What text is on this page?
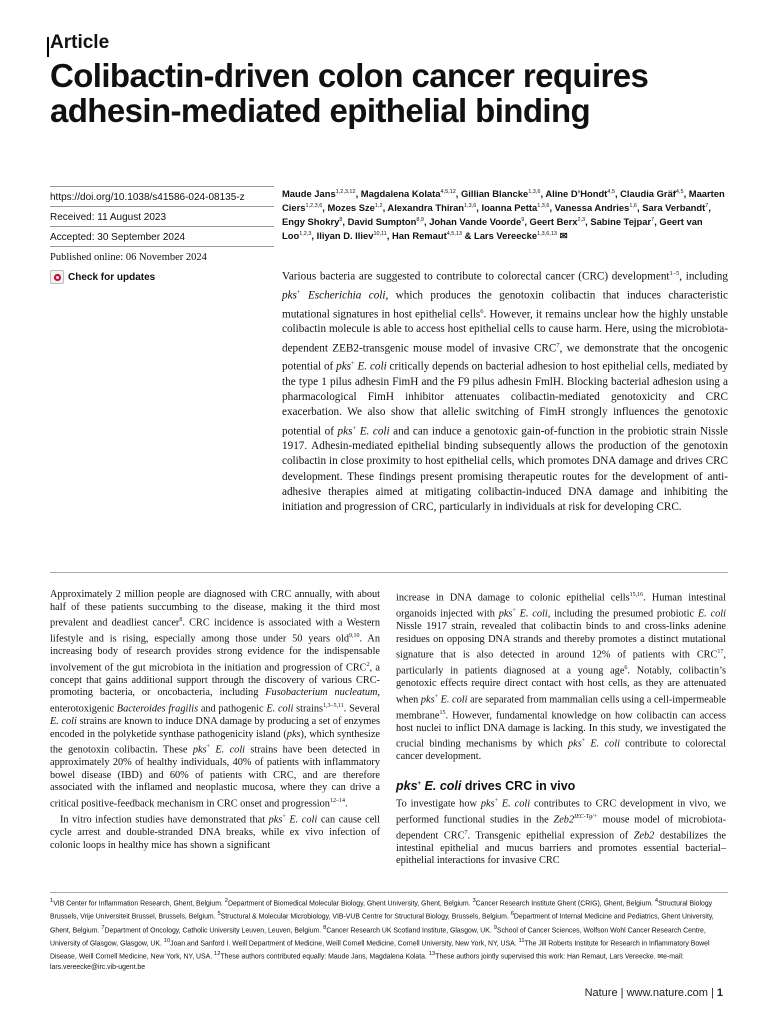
Article
Colibactin-driven colon cancer requires adhesin-mediated epithelial binding
https://doi.org/10.1038/s41586-024-08135-z
Received: 11 August 2023
Accepted: 30 September 2024
Published online: 06 November 2024
Check for updates
Maude Jans$^{1,2,3,12}$, Magdalena Kolata$^{4,5,12}$, Gillian Blancke$^{1,3,6}$, Aline D’Hondt$^{4,5}$, Claudia Gräf$^{4,5}$, Maarten Ciers$^{1,2,3,6}$, Mozes Sze$^{1,2}$, Alexandra Thiran$^{1,3,6}$, Ioanna Petta$^{1,3,6}$, Vanessa Andries$^{1,6}$, Sara Verbandt$^7$, Engy Shokry$^8$, David Sumpton$^{8,9}$, Johan Vande Voorde$^9$, Geert Berx$^{2,3}$, Sabine Tejpar$^7$, Geert van Loo$^{1,2,3}$, Iliyan D. Iliev$^{10,11}$, Han Remaut$^{4,5,13}$ & Lars Vereecke$^{1,3,6,13}$ ✉
Various bacteria are suggested to contribute to colorectal cancer (CRC) development$^{1-5}$, including pks+ Escherichia coli, which produces the genotoxin colibactin that induces characteristic mutational signatures in host epithelial cells$^6$. However, it remains unclear how the highly unstable colibactin molecule is able to access host epithelial cells to cause harm. Here, using the microbiota-dependent ZEB2-transgenic mouse model of invasive CRC$^7$, we demonstrate that the oncogenic potential of pks+ E. coli critically depends on bacterial adhesion to host epithelial cells, mediated by the type 1 pilus adhesin FimH and the F9 pilus adhesin FmlH. Blocking bacterial adhesion using a pharmacological FimH inhibitor attenuates colibactin-mediated genotoxicity and CRC exacerbation. We also show that allelic switching of FimH strongly influences the genotoxic potential of pks+ E. coli and can induce a genotoxic gain-of-function in the probiotic strain Nissle 1917. Adhesin-mediated epithelial binding subsequently allows the production of the genotoxin colibactin in close proximity to host epithelial cells, which promotes DNA damage and drives CRC development. These findings present promising therapeutic routes for the development of anti-adhesive therapies aimed at mitigating colibactin-induced DNA damage and inhibiting the initiation and progression of CRC, particularly in individuals at risk for developing CRC.

Approximately 2 million people are diagnosed with CRC annually, with about half of these patients succumbing to the disease, making it the third most prevalent and deadliest cancer$^8$. CRC incidence is associated with a Western lifestyle and is rising, especially among those under 50 years old$^{9,10}$. An increasing body of research provides strong evidence for the indispensable involvement of the gut microbiota in the initiation and progression of CRC$^2$, a concept that gains additional support through the discovery of various CRC-promoting bacteria, or oncobacteria, including Fusobacterium nucleatum, enterotoxigenic Bacteroides fragilis and pathogenic E. coli strains$^{1,3-5,11}$. Several E. coli strains are known to induce DNA damage by producing a set of enzymes encoded in the polyketide synthase pathogenicity island (pks), which synthesize the genotoxin colibactin. These pks+ E. coli strains have been detected in approximately 20% of healthy individuals, 40% of patients with inflammatory bowel disease (IBD) and 60% of patients with CRC, and are therefore associated with the inflamed and neoplastic mucosa, where they can drive a critical positive-feedback mechanism in CRC onset and progression$^{12-14}$.

In vitro infection studies have demonstrated that pks+ E. coli can cause cell cycle arrest and double-stranded DNA breaks, while ex vivo infection of colonic loops in healthy mice has shown a significant

increase in DNA damage to colonic epithelial cells$^{15,16}$. Human intestinal organoids injected with pks+ E. coli, including the presumed probiotic E. coli Nissle 1917 strain, revealed that colibactin binds to and cross-links adenine residues on opposing DNA strands and thereby promotes a distinct mutational signature that is also detected in around 12% of patients with CRC$^{17}$, particularly in patients diagnosed at a young age$^6$. Notably, colibactin’s genotoxic effects require direct contact with host cells, as they are attenuated when pks+ E. coli are separated from mammalian cells using a cell-impermeable membrane$^{15}$. However, fundamental knowledge on how colibactin can access host nuclei to inflict DNA damage is lacking. In this study, we investigated the crucial binding mechanisms by which pks+ E. coli contribute to colorectal cancer development.

pks+ E. coli drives CRC in vivo

To investigate how pks+ E. coli contributes to CRC development in vivo, we performed functional studies in the $Zeb2^{IEC-Tg/+}$ mouse model of microbiota-dependent CRC$^7$. Transgenic epithelial expression of Zeb2 destabilizes the intestinal epithelial and mucus barriers and promotes essential bacterial–epithelial interactions for invasive CRC

$^1$VIB Center for Inflammation Research, Ghent, Belgium. $^2$Department of Biomedical Molecular Biology, Ghent University, Ghent, Belgium. $^3$Cancer Research Institute Ghent (CRIG), Ghent, Belgium. $^4$Structural Biology Brussels, Vrije Universiteit Brussel, Brussels, Belgium. $^5$Structural & Molecular Microbiology, VIB-VUB Centre for Structural Biology, Brussels, Belgium. $^6$Department of Internal Medicine and Pediatrics, Ghent University, Ghent, Belgium. $^7$Department of Oncology, Catholic University Leuven, Leuven, Belgium. $^8$Cancer Research UK Scotland Institute, Glasgow, UK. $^9$School of Cancer Sciences, Wolfson Wohl Cancer Research Centre, University of Glasgow, Glasgow, UK. $^{10}$Joan and Sanford I. Weill Department of Medicine, Weill Cornell Medicine, Cornell University, New York, NY, USA. $^{11}$The Jill Roberts Institute for Research in Inflammatory Bowel Disease, Weill Cornell Medicine, New York, NY, USA. $^{12}$These authors contributed equally: Maude Jans, Magdalena Kolata. $^{13}$These authors jointly supervised this work: Han Remaut, Lars Vereecke. ✉e-mail: lars.vereecke@irc.vib-ugent.be
Nature | www.nature.com | 1
